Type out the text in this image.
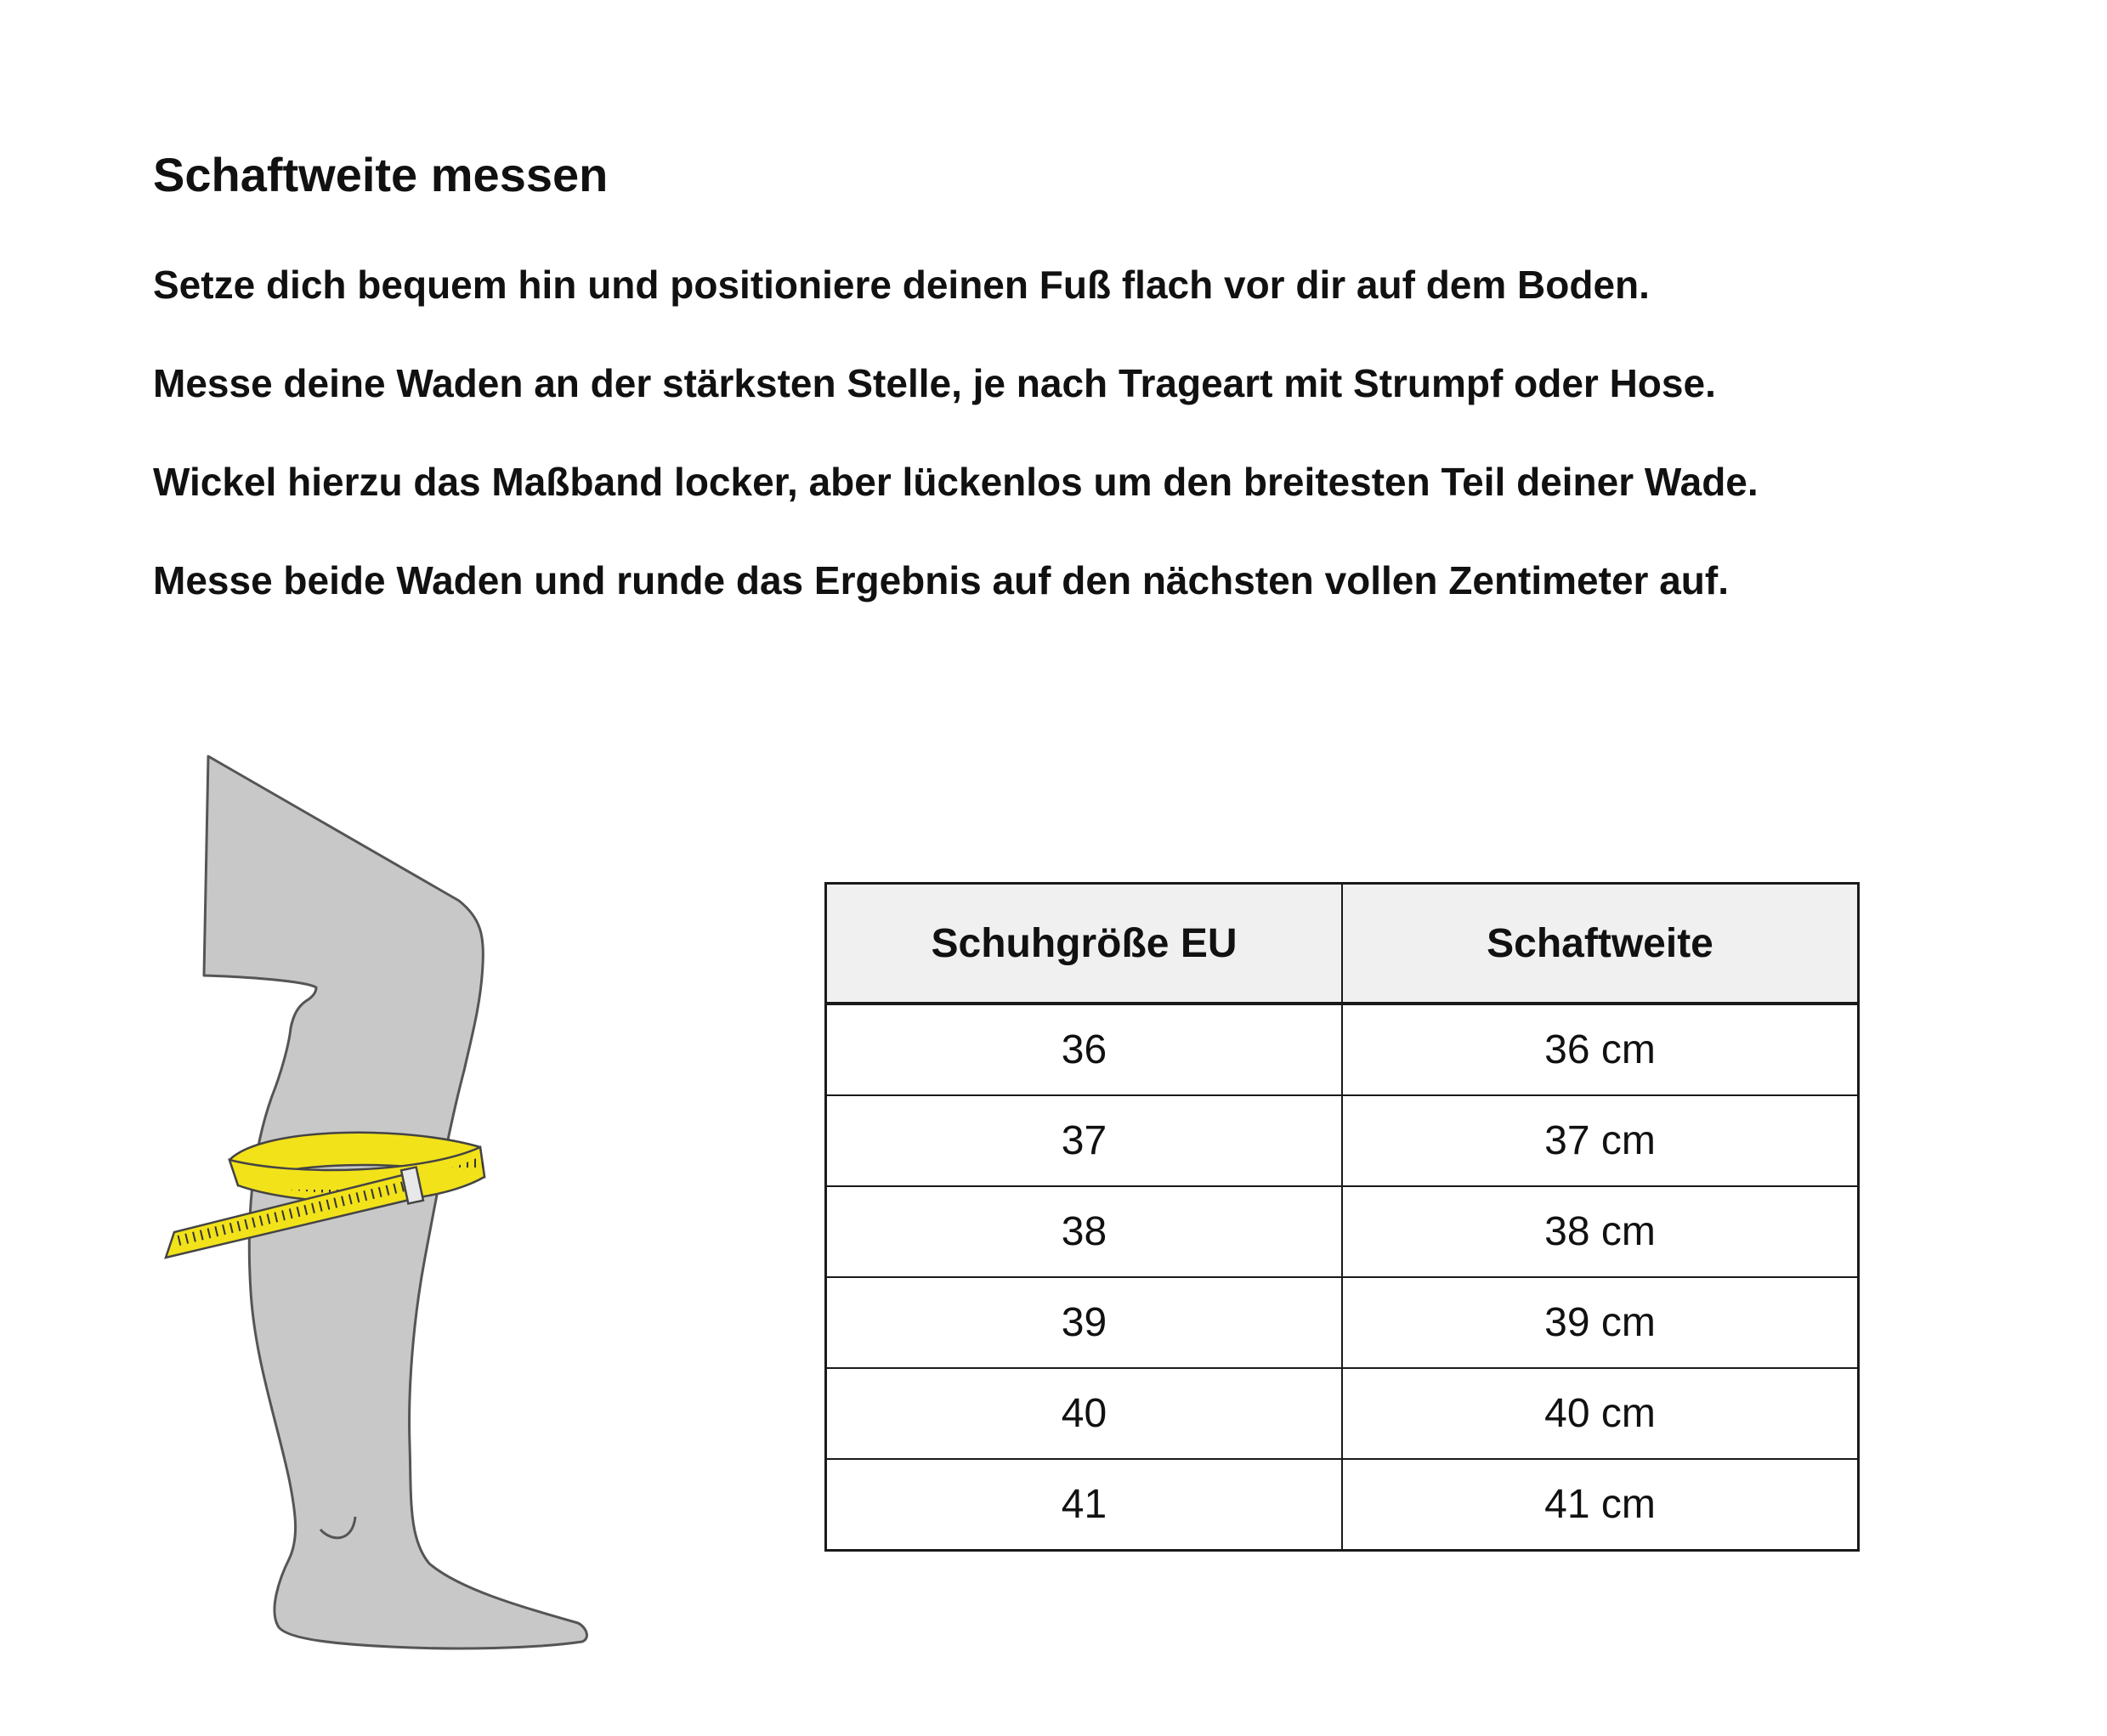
Schaftweite messen
Setze dich bequem hin und positioniere deinen Fuß flach vor dir auf dem Boden.
Messe deine Waden an der stärksten Stelle, je nach Trageart mit Strumpf oder Hose.
Wickel hierzu das Maßband locker, aber lückenlos um den breitesten Teil deiner Wade.
Messe beide Waden und runde das Ergebnis auf den nächsten vollen Zentimeter auf.
Schuhgröße EU	Schaftweite
36	36 cm
37	37 cm
38	38 cm
39	39 cm
40	40 cm
41	41 cm
